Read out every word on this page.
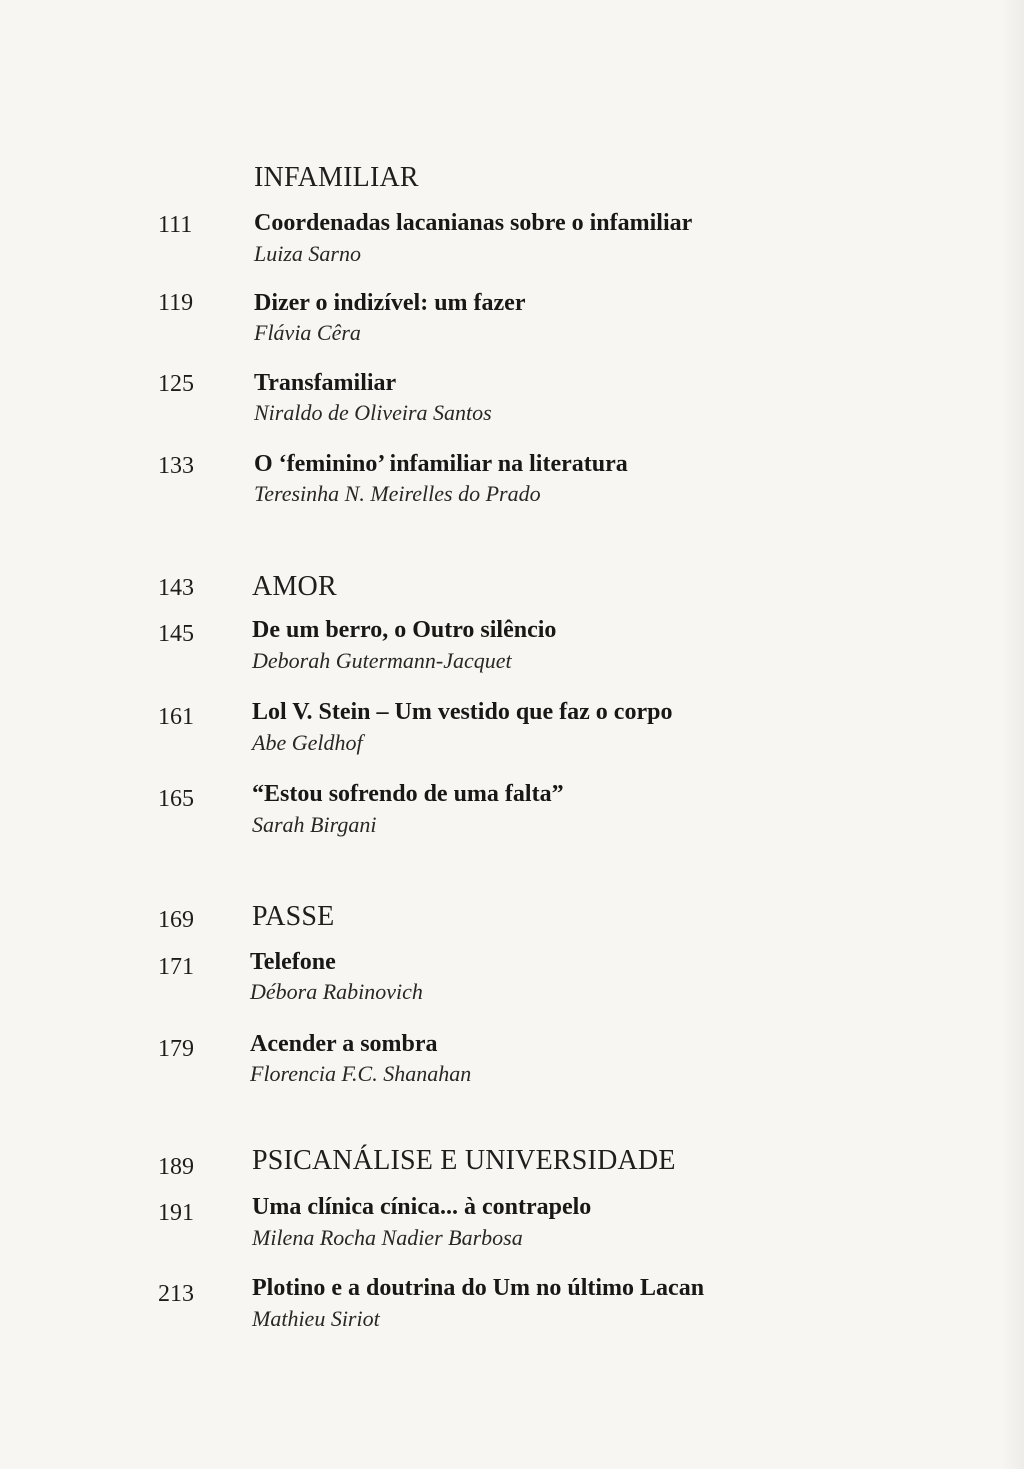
INFAMILIAR
111	Coordenadas lacanianas sobre o infamiliar
Luiza Sarno
119	Dizer o indizível: um fazer
Flávia Cêra
125	Transfamiliar
Niraldo de Oliveira Santos
133	O ‘feminino’ infamiliar na literatura
Teresinha N. Meirelles do Prado
143 AMOR
145 De um berro, o Outro silêncio
Deborah Gutermann-Jacquet
161 Lol V. Stein – Um vestido que faz o corpo
Abe Geldhof
165 “Estou sofrendo de uma falta”
Sarah Birgani
169 PASSE
171 Telefone
Débora Rabinovich
179 Acender a sombra
Florencia F.C. Shanahan
189 PSICANÁLISE E UNIVERSIDADE
191 Uma clínica cínica... à contrapelo
Milena Rocha Nadier Barbosa
213 Plotino e a doutrina do Um no último Lacan
Mathieu Siriot
